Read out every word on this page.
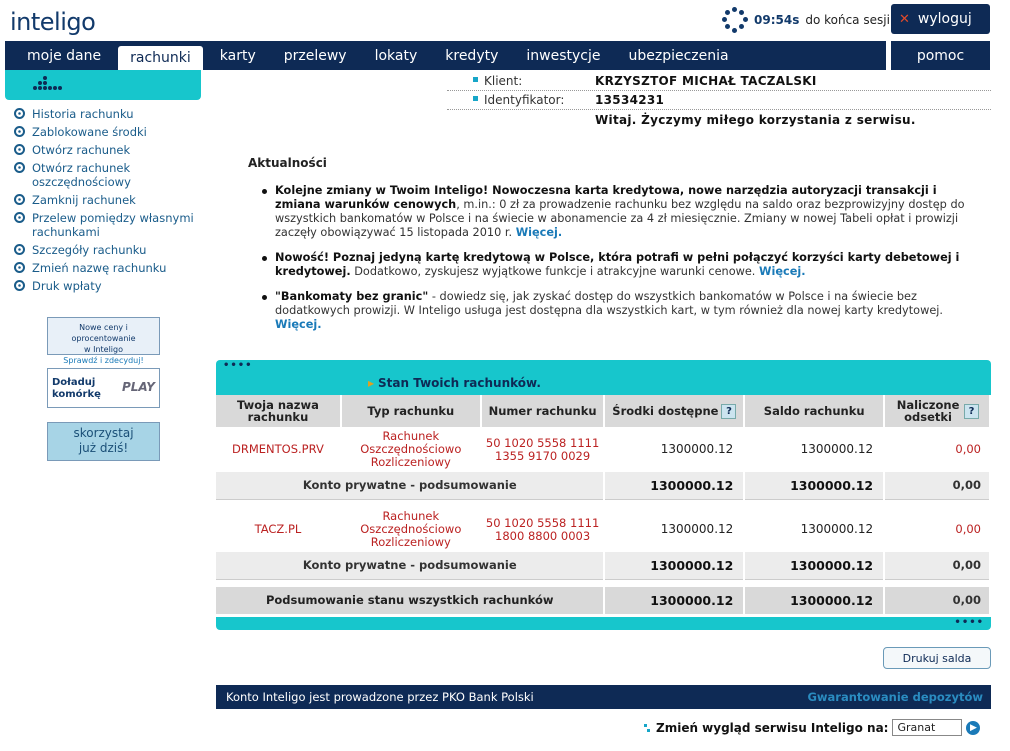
inteligo	09:54s do końca sesji ✕ wyloguj
moje dane	rachunki	karty	przelewy	lokaty	kredyty	inwestycje	ubezpieczenia	pomoc
Klient:	KRZYSZTOF MICHAŁ TACZALSKI
Identyfikator:	13534231
Witaj. Życzymy miłego korzystania z serwisu.
Historia rachunku
Zablokowane środki
Otwórz rachunek
Otwórz rachunek oszczędnościowy
Zamknij rachunek
Przelew pomiędzy własnymi rachunkami
Szczegóły rachunku
Zmień nazwę rachunku
Druk wpłaty
Nowe ceny i oprocentowanie
w Inteligo
Sprawdź i zdecyduj!
Doładuj
komórkę
PLAY
skorzystaj
już dziś!
Aktualności
Kolejne zmiany w Twoim Inteligo! Nowoczesna karta kredytowa, nowe narzędzia autoryzacji transakcji i zmiana warunków cenowych, m.in.: 0 zł za prowadzenie rachunku bez względu na saldo oraz bezprowizyjny dostęp do wszystkich bankomatów w Polsce i na świecie w abonamencie za 4 zł miesięcznie. Zmiany w nowej Tabeli opłat i prowizji zaczęły obowiązywać 15 listopada 2010 r. Więcej.
Nowość! Poznaj jedyną kartę kredytową w Polsce, która potrafi w pełni połączyć korzyści karty debetowej i kredytowej. Dodatkowo, zyskujesz wyjątkowe funkcje i atrakcyjne warunki cenowe. Więcej.
"Bankomaty bez granic" - dowiedz się, jak zyskać dostęp do wszystkich bankomatów w Polsce i na świecie bez dodatkowych prowizji. W Inteligo usługa jest dostępna dla wszystkich kart, w tym również dla nowej karty kredytowej. Więcej.
••••
▸ Stan Twoich rachunków.
Twoja nazwa rachunku	Typ rachunku	Numer rachunku	Środki dostępne ?	Saldo rachunku	Naliczone odsetki ?
DRMENTOS.PRV	Rachunek Oszczędnościowo Rozliczeniowy	50 1020 5558 1111 1355 9170 0029	1300000.12	1300000.12	0,00
Konto prywatne - podsumowanie			1300000.12	1300000.12	0,00

TACZ.PL	Rachunek Oszczędnościowo Rozliczeniowy	50 1020 5558 1111 1800 8800 0003	1300000.12	1300000.12	0,00
Konto prywatne - podsumowanie			1300000.12	1300000.12	0,00

Podsumowanie stanu wszystkich rachunków			1300000.12	1300000.12	0,00
••••
Drukuj salda
Konto Inteligo jest prowadzone przez PKO Bank Polski	Gwarantowanie depozytów
Zmień wygląd serwisu Inteligo na: Granat	▶
